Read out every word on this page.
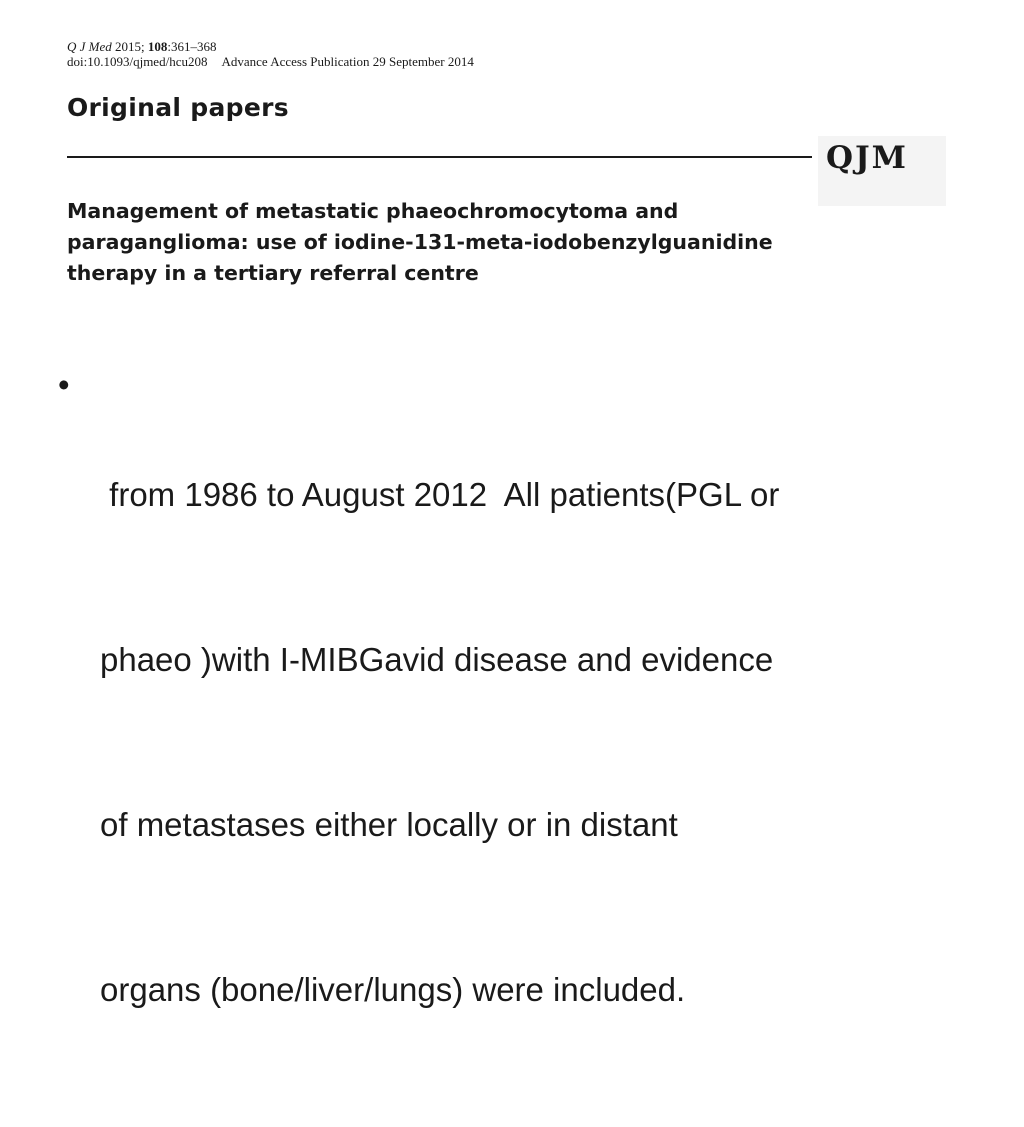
Q J Med 2015; 108:361–368
doi:10.1093/qjmed/hcu208 Advance Access Publication 29 September 2014
Original papers
QJM
Management of metastatic phaeochromocytoma and
paraganglioma: use of iodine-131-meta-iodobenzylguanidine
therapy in a tertiary referral centre
•

from 1986 to August 2012  All patients(PGL or

phaeo )with I-MIBGavid disease and evidence

of metastases either locally or in distant

organs (bone/liver/lungs) were included.
